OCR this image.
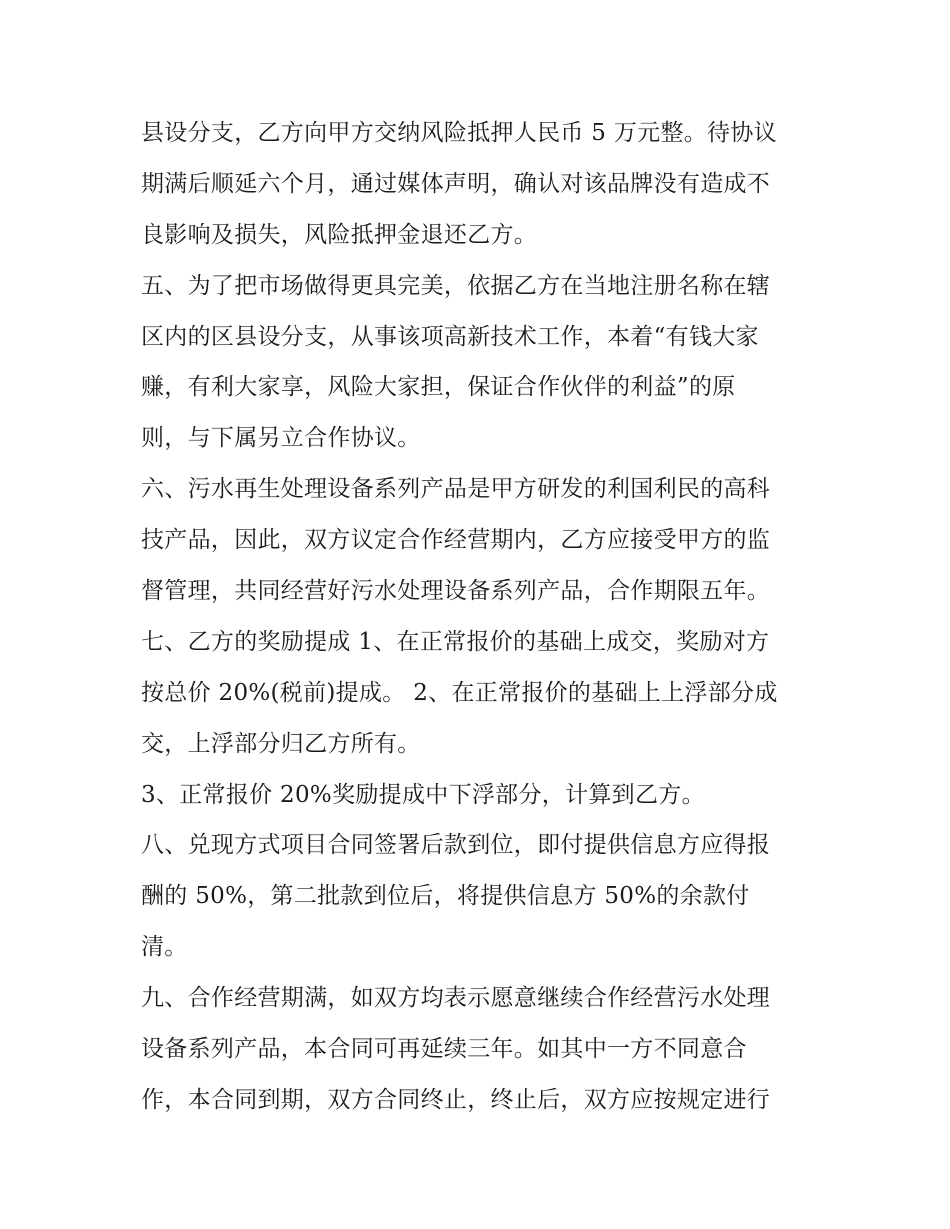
县设分支，乙方向甲方交纳风险抵押人民币 5 万元整。待协议
期满后顺延六个月，通过媒体声明，确认对该品牌没有造成不
良影响及损失，风险抵押金退还乙方。
五、为了把市场做得更具完美，依据乙方在当地注册名称在辖
区内的区县设分支，从事该项高新技术工作，本着“有钱大家
赚，有利大家享，风险大家担，保证合作伙伴的利益”的原
则，与下属另立合作协议。
六、污水再生处理设备系列产品是甲方研发的利国利民的高科
技产品，因此，双方议定合作经营期内，乙方应接受甲方的监
督管理，共同经营好污水处理设备系列产品，合作期限五年。
七、乙方的奖励提成 1、在正常报价的基础上成交，奖励对方
按总价 20%(税前)提成。 2、在正常报价的基础上上浮部分成
交，上浮部分归乙方所有。
3、正常报价 20%奖励提成中下浮部分，计算到乙方。
八、兑现方式项目合同签署后款到位，即付提供信息方应得报
酬的 50%，第二批款到位后，将提供信息方 50%的余款付
清。
九、合作经营期满，如双方均表示愿意继续合作经营污水处理
设备系列产品，本合同可再延续三年。如其中一方不同意合
作，本合同到期，双方合同终止，终止后，双方应按规定进行
